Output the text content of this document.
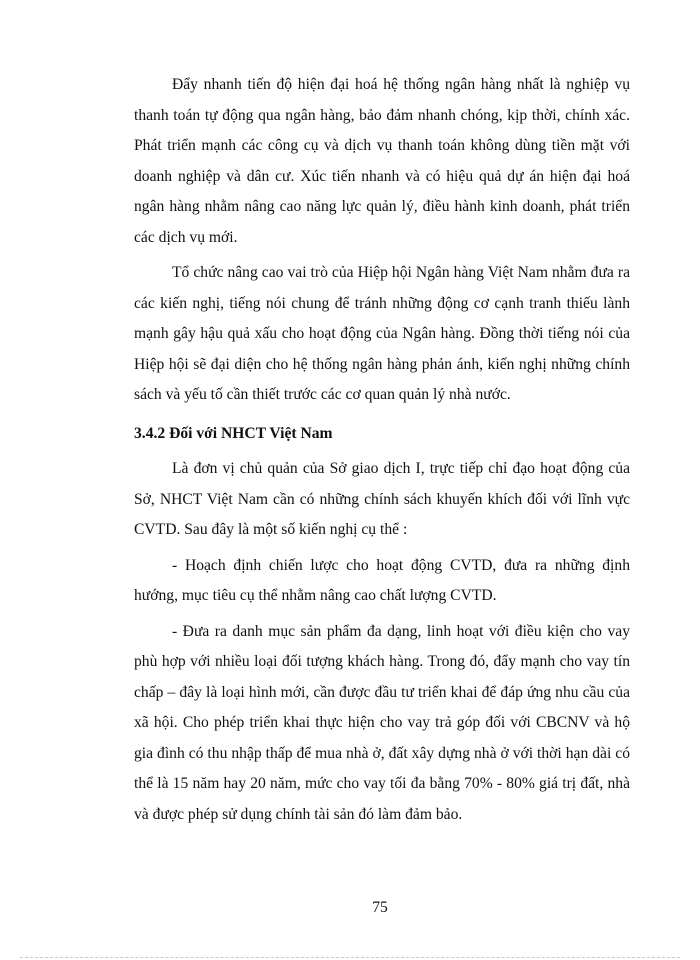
Đẩy nhanh tiến độ hiện đại hoá hệ thống ngân hàng nhất là nghiệp vụ thanh toán tự động qua ngân hàng, bảo đảm nhanh chóng, kịp thời, chính xác. Phát triển mạnh các công cụ và dịch vụ thanh toán không dùng tiền mặt với doanh nghiệp và dân cư. Xúc tiến nhanh và có hiệu quả dự án hiện đại hoá ngân hàng nhằm nâng cao năng lực quản lý, điều hành kinh doanh, phát triển các dịch vụ mới.

Tổ chức nâng cao vai trò của Hiệp hội Ngân hàng Việt Nam nhằm đưa ra các kiến nghị, tiếng nói chung để tránh những động cơ cạnh tranh thiếu lành mạnh gây hậu quả xấu cho hoạt động của Ngân hàng. Đồng thời tiếng nói của Hiệp hội sẽ đại diện cho hệ thống ngân hàng phản ánh, kiến nghị những chính sách và yếu tố cần thiết trước các cơ quan quản lý nhà nước.

3.4.2 Đối với NHCT Việt Nam

Là đơn vị chủ quản của Sở giao dịch I, trực tiếp chỉ đạo hoạt động của Sở, NHCT Việt Nam cần có những chính sách khuyến khích đối với lĩnh vực CVTD. Sau đây là một số kiến nghị cụ thể :

- Hoạch định chiến lược cho hoạt động CVTD, đưa ra những định hướng, mục tiêu cụ thể nhằm nâng cao chất lượng CVTD.

- Đưa ra danh mục sản phẩm đa dạng, linh hoạt với điều kiện cho vay phù hợp với nhiều loại đối tượng khách hàng. Trong đó, đẩy mạnh cho vay tín chấp – đây là loại hình mới, cần được đầu tư triển khai để đáp ứng nhu cầu của xã hội. Cho phép triển khai thực hiện cho vay trả góp đối với CBCNV và hộ gia đình có thu nhập thấp để mua nhà ở, đất xây dựng nhà ở với thời hạn dài có thể là 15 năm hay 20 năm, mức cho vay tối đa bằng 70% - 80% giá trị đất, nhà và được phép sử dụng chính tài sản đó làm đảm bảo.

75
